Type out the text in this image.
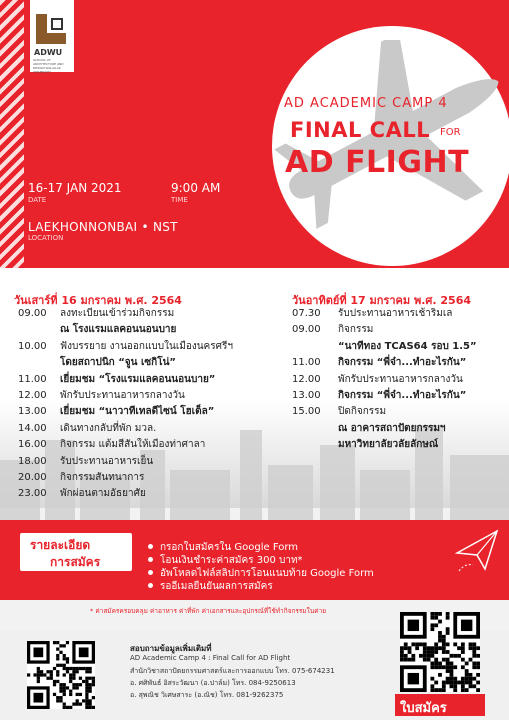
ADWU
SCHOOL OF ARCHITECTURE AND DESIGN WALAILAK UNIVERSITY
AD ACADEMIC CAMP 4
FINAL CALL FOR
AD FLIGHT
16-17 JAN 2021
DATE
9:00 AM
TIME
LAEKHONNONBAI • NST
LOCATION
วันเสาร์ที่ 16 มกราคม พ.ศ. 2564
09.00 ลงทะเบียนเข้าร่วมกิจกรรม
ณ โรงแรมแลคอนนอนบาย
10.00 ฟังบรรยาย งานออกแบบในเมืองนครศรีฯ
โดยสถาปนิก “จูน เซกิโน่”
11.00 เยี่ยมชม “โรงแรมแลคอนนอนบาย”
12.00 พักรับประทานอาหารกลางวัน
13.00 เยี่ยมชม “นาวาทีเทลดีไซน์ โฮเต็ล”
14.00 เดินทางกลับที่พัก มวล.
16.00 กิจกรรม แต้มสีสันให้เมืองท่าศาลา
18.00 รับประทานอาหารเย็น
20.00 กิจกรรมสันทนาการ
23.00 พักผ่อนตามอัธยาศัย
วันอาทิตย์ที่ 17 มกราคม พ.ศ. 2564
07.30 รับประทานอาหารเช้าริมเล
09.00 กิจกรรม
“นาทีทอง TCAS64 รอบ 1.5”
11.00 กิจกรรม “พี่จ๋า...ทำอะไรกัน”
12.00 พักรับประทานอาหารกลางวัน
13.00 กิจกรรม “พี่จ๋า...ทำอะไรกัน”
15.00 ปิดกิจกรรม
ณ อาคารสถาปัตยกรรมฯ
มหาวิทยาลัยวลัยลักษณ์
รายละเอียด
การสมัคร
กรอกใบสมัครใน Google Form
โอนเงินชำระค่าสมัคร 300 บาท*
อัพโหลดไฟล์สลิปการโอนแนบท้าย Google Form
รออีเมลยืนยันผลการสมัคร
* ค่าสมัครครอบคลุม ค่าอาหาร ค่าที่พัก ค่าเอกสารและอุปกรณ์ที่ใช้ทำกิจกรรมในค่าย
สอบถามข้อมูลเพิ่มเติมที่
AD Academic Camp 4 : Final Call for AD Flight
สำนักวิชาสถาปัตยกรรมศาสตร์และการออกแบบ โทร. 075-674231
อ. ศศิพันธ์ อิสระวัฒนา (อ.ปาล์ม) โทร. 084-9250613
อ. สุพณิช วิเศษสาระ (อ.ณิช) โทร. 081-9262375
ใบสมัคร
